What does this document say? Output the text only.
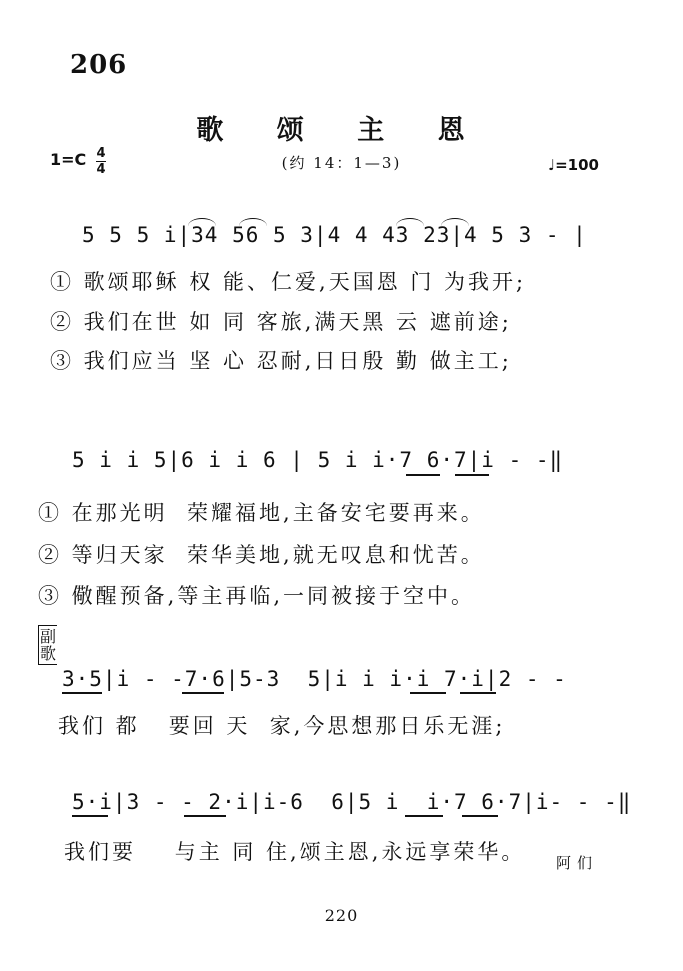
206
歌 颂 主 恩
1=C 4
4	(约 14：1—3)	♩=100
5 5 5 i|34 56 5 3|4 4 43 23|4 5 3 - |
① 歌颂耶稣 权 能、仁爱,天国恩 门 为我开;
② 我们在世 如 同 客旅,满天黑 云 遮前途;
③ 我们应当 坚 心 忍耐,日日殷 勤 做主工;
5 i i 5|6 i i 6 | 5 i i·7 6·7|i - -‖
① 在那光明  荣耀福地,主备安宅要再来。
② 等归天家  荣华美地,就无叹息和忧苦。
③ 儆醒预备,等主再临,一同被接于空中。
副歌
3·5|i - -7·6|5-3  5|i i i·i 7·i|2 - -
我们 都   要回 天  家,今思想那日乐无涯;
5·i|3 - - 2·i|i-6  6|5 i  i·7 6·7|i- - -‖
我们要    与主 同 住,颂主恩,永远享荣华。 阿们
220
